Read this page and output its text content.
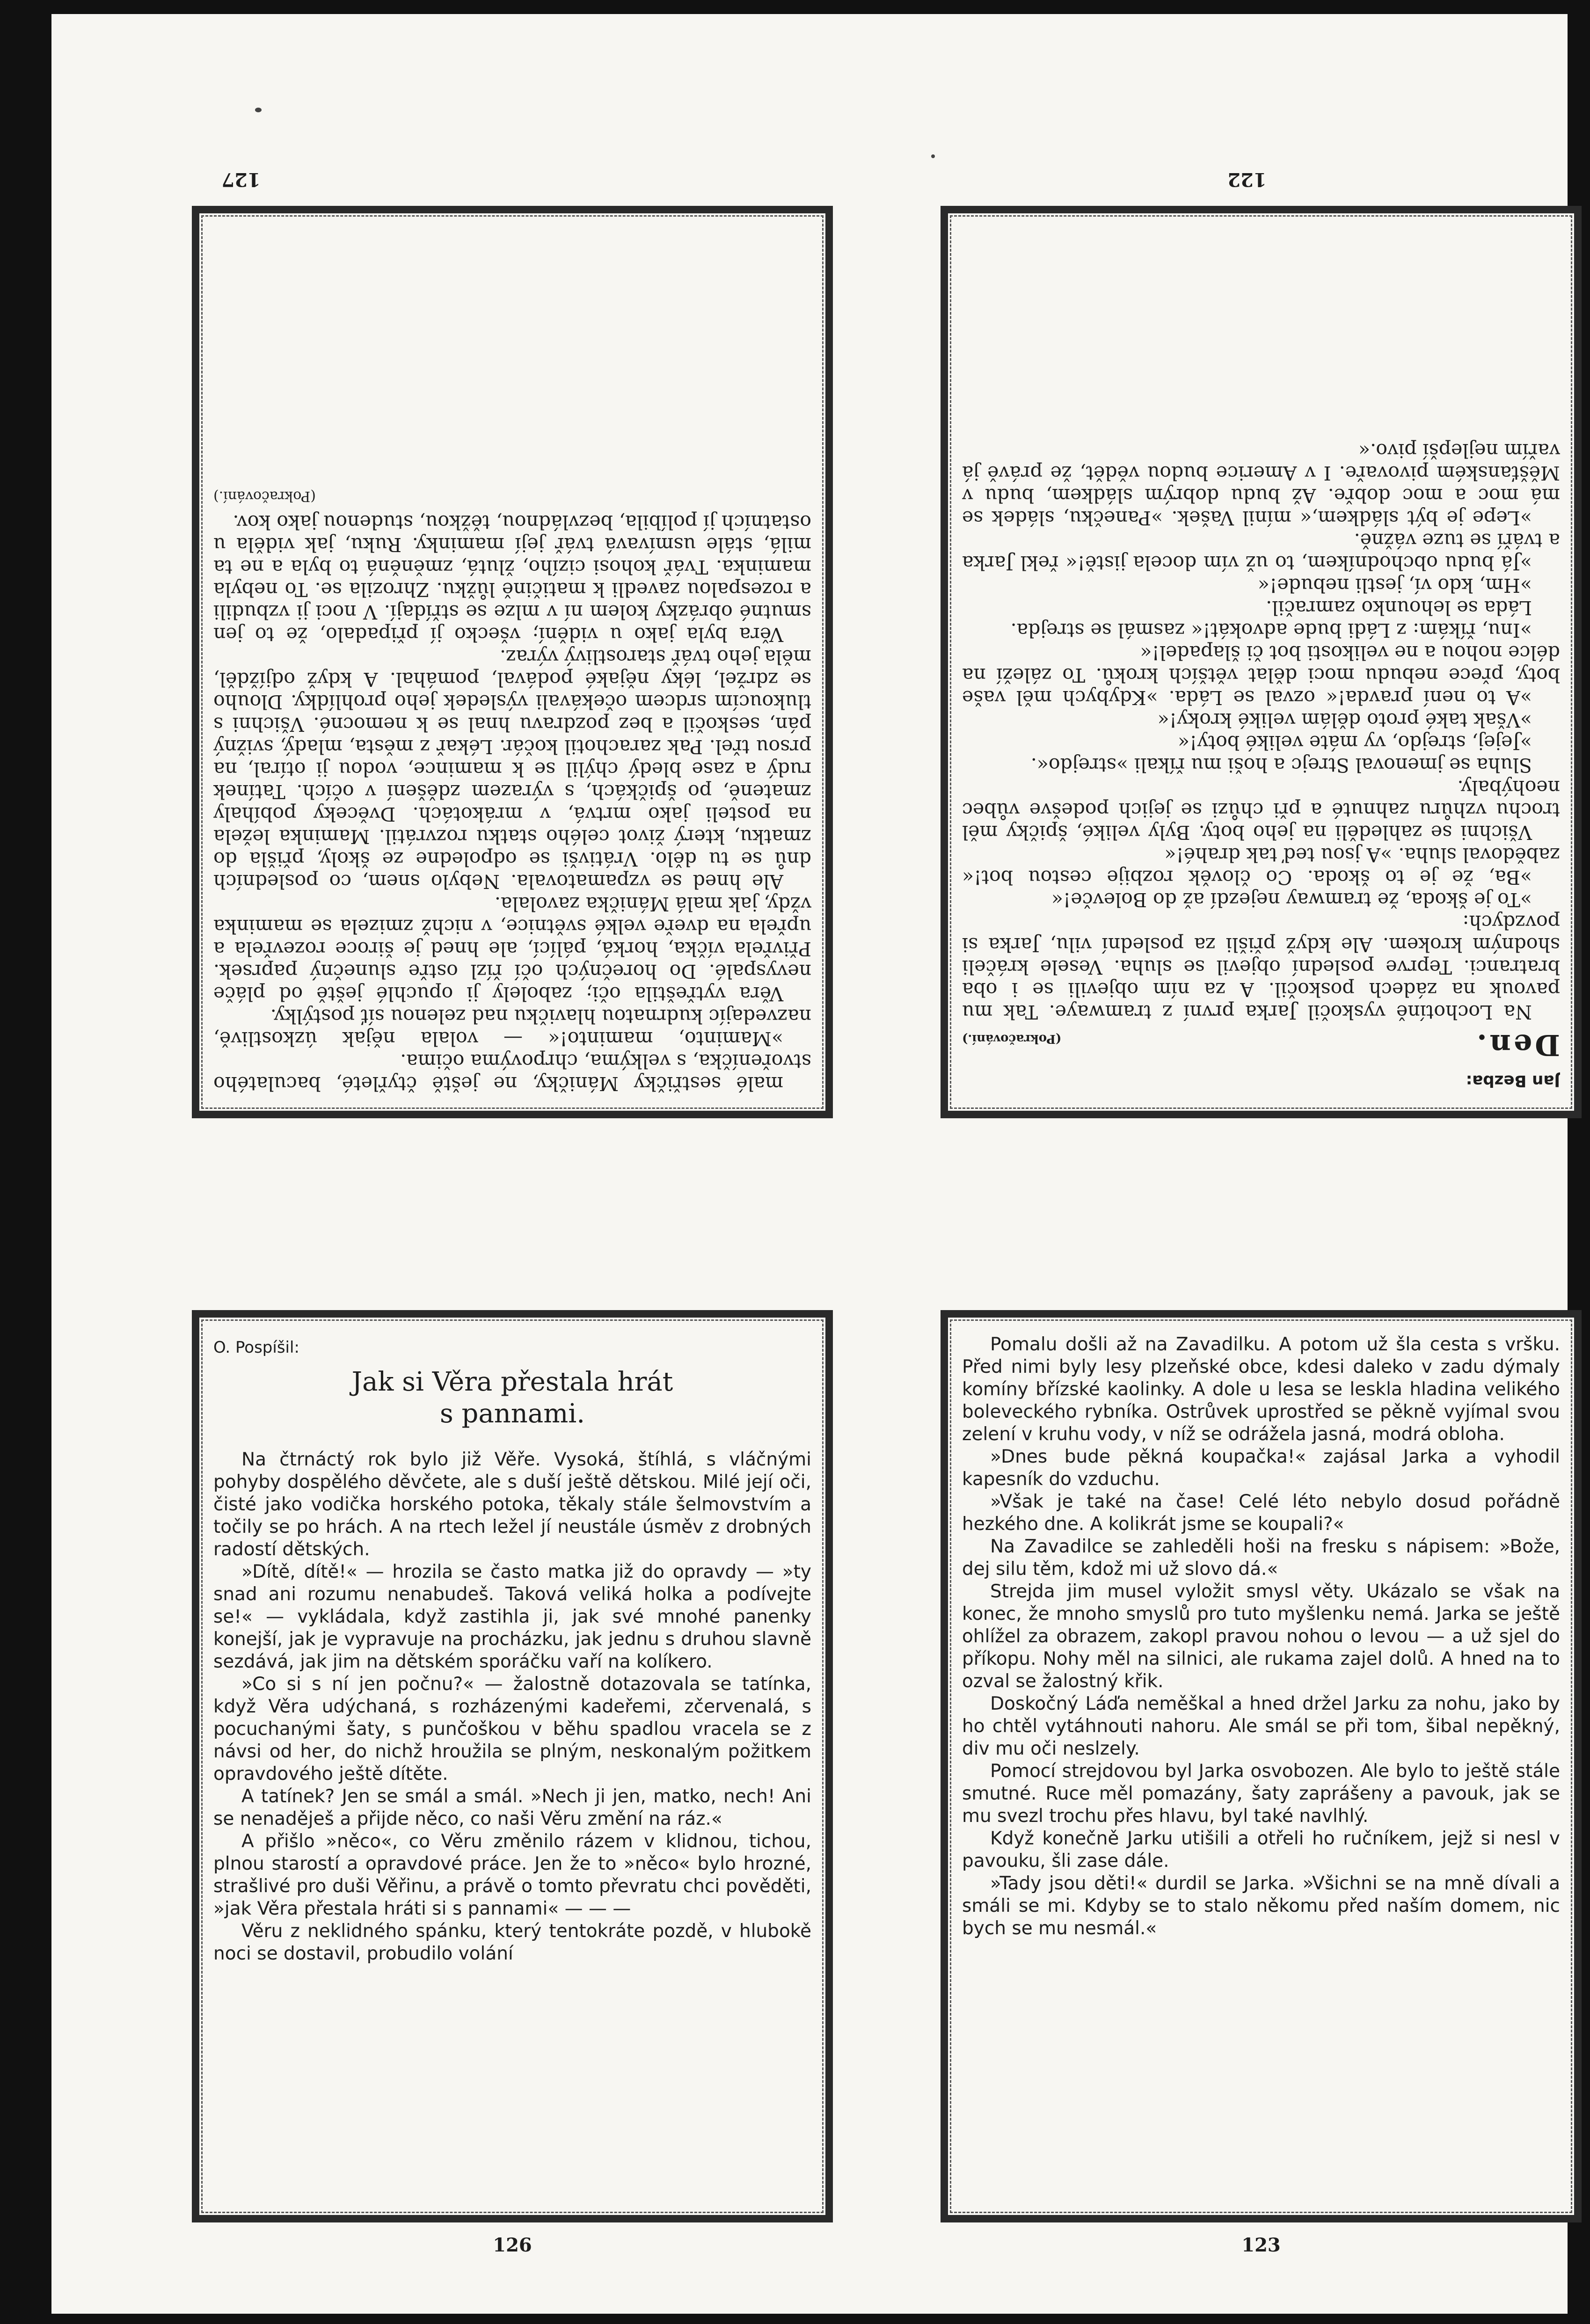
127

malé sestřičky Máničky, ne ještě čtyřleté, baculatého stvořeníčka, s velkýma, chrpovýma očima.

»Maminto, maminto!« — volala nějak úzkostlivě, nazvedajíc kudrnatou hlavičku nad zelenou síť postýlky.

Věra vytřeštila oči; zabolely ji opuchlé ještě od pláče nevyspalé. Do horečných očí řízl ostře slunečný paprsek. Přivřela víčka, horká, pálící, ale hned je široce rozevřela a upřela na dveře velké světnice, v nichž zmizela se maminka vždy, jak malá Mánička zavolala.

Ale hned se vzpamatovala. Nebylo snem, co posledních dnů se tu dělo. Vrátivši se odpoledne ze školy, přišla do zmatku, který život celého statku rozvrátil. Maminka ležela na posteli jako mrtvá, v mrákotách. Dvěceky pobíhaly zmateně, po špičkách, s výrazem zděšení v očích. Tatínek rudý a zase bledý chýlil se k mamince, vodou ji otíral, na prsou třel. Pak zarachotil kočár. Lékař z města, mladý, svižný pán, seskočil a bez pozdravu hnal se k nemocné. Všichni s tlukoucím srdcem očekávali výsledek jeho prohlídky. Dlouho se zdržel, léky nějaké podával, pomáhal. A když odjížděl, měla jeho tvář starostlivý výraz.

Věra byla jako u vidění; všecko jí připadalo, že to jen smutné obrázky kolem ní v mlze se střídají. V noci ji vzbudili a rozespalou zavedli k matičině lůžku. Zhrozila se. To nebyla maminka. Tvář kohosi cizího, žlutá, změněná to byla a ne ta milá, stále usmívavá tvář její maminky. Ruku, jak viděla u ostatních jí políbila, bezvládnou, těžkou, studenou jako kov.

(Pokračování.)
122
Jan Bezba:
Den.
(Pokračování.)

Na Lochotíně vyskočil Jarka první z tramwaye. Tak mu pavouk na zádech poskočil. A za ním objevili se i oba bratranci. Teprve poslední objevil se sluha. Vesele kráčeli shodným krokem. Ale když přišli za poslední vilu, Jarka si povzdych:

»To je škoda, že tramway nejezdí až do Bolevče!«

»Ba, že je to škoda. Co člověk rozbije cestou bot!« zabědoval sluha. »A jsou teď tak drahé!«

Všichni se zahleděli na jeho boty. Byly veliké, špičky měl trochu vzhůru zahnuté a při chůzi se jejich podešve vůbec neohýbaly.

Sluha se jmenoval Strejc a hoši mu říkali »strejdo«.

»Jejej, strejdo, vy máte veliké boty!«

»Však také proto dělám veliké kroky!«

»A to není pravda!« ozval se Láda. »Kdybych měl vaše boty, přece nebudu moci dělat větších kroků. To záleží na délce nohou a ne velikosti bot či šlapadel!«

»Inu, říkám: z Ládi bude advokát!« zasmál se strejda.

Láda se lehounko zamračil.

»Hm, kdo ví, jestli nebude!«

»Já budu obchodníkem, to už vím docela jistě!« řekl Jarka a tváří se tuze vážně.

»Lepe je být sládkem,« mínil Vašek. »Panečku, sládek se má moc a moc dobře. Až budu dobrým sládkem, budu v Měšťanském pivovaře. I v Americe budou vědět, že právě já vařím nejlepší pivo.«

O. Pospíšil:
Jak si Věra přestala hrát
s pannami.

Na čtrnáctý rok bylo již Věře. Vysoká, štíhlá, s vláčnými pohyby dospělého děvčete, ale s duší ještě dětskou. Milé její oči, čisté jako vodička horského potoka, těkaly stále šelmovstvím a točily se po hrách. A na rtech ležel jí neustále úsměv z drobných radostí dětských.

»Dítě, dítě!« — hrozila se často matka již do opravdy — »ty snad ani rozumu nenabudeš. Taková veliká holka a podívejte se!« — vykládala, když zastihla ji, jak své mnohé panenky konejší, jak je vypravuje na procházku, jak jednu s druhou slavně sezdává, jak jim na dětském sporáčku vaří na kolíkero.

»Co si s ní jen počnu?« — žalostně dotazovala se tatínka, když Věra udýchaná, s rozházenými kadeřemi, zčervenalá, s pocuchanými šaty, s punčoškou v běhu spadlou vracela se z návsi od her, do nichž hroužila se plným, neskonalým požitkem opravdového ještě dítěte.

A tatínek? Jen se smál a smál. »Nech ji jen, matko, nech! Ani se nenaděješ a přijde něco, co naši Věru změní na ráz.«

A přišlo »něco«, co Věru změnilo rázem v klidnou, tichou, plnou starostí a opravdové práce. Jen že to »něco« bylo hrozné, strašlivé pro duši Věřinu, a právě o tomto převratu chci pověděti, »jak Věra přestala hráti si s pannami« — — —

Věru z neklidného spánku, který tentokráte pozdě, v hlubokě noci se dostavil, probudilo volání

126

Pomalu došli až na Zavadilku. A potom už šla cesta s vršku. Před nimi byly lesy plzeňské obce, kdesi daleko v zadu dýmaly komíny břízské kaolinky. A dole u lesa se leskla hladina velikého boleveckého rybníka. Ostrůvek uprostřed se pěkně vyjímal svou zelení v kruhu vody, v níž se odrážela jasná, modrá obloha.

»Dnes bude pěkná koupačka!« zajásal Jarka a vyhodil kapesník do vzduchu.

»Však je také na čase! Celé léto nebylo dosud pořádně hezkého dne. A kolikrát jsme se koupali?«

Na Zavadilce se zahleděli hoši na fresku s nápisem: »Bože, dej silu těm, kdož mi už slovo dá.«

Strejda jim musel vyložit smysl věty. Ukázalo se však na konec, že mnoho smyslů pro tuto myšlenku nemá. Jarka se ještě ohlížel za obrazem, zakopl pravou nohou o levou — a už sjel do příkopu. Nohy měl na silnici, ale rukama zajel dolů. A hned na to ozval se žalostný křik.

Doskočný Láďa neměškal a hned držel Jarku za nohu, jako by ho chtěl vytáhnouti nahoru. Ale smál se při tom, šibal nepěkný, div mu oči neslzely.

Pomocí strejdovou byl Jarka osvobozen. Ale bylo to ještě stále smutné. Ruce měl pomazány, šaty zaprášeny a pavouk, jak se mu svezl trochu přes hlavu, byl také navlhlý.

Když konečně Jarku utišili a otřeli ho ručníkem, jejž si nesl v pavouku, šli zase dále.

»Tady jsou děti!« durdil se Jarka. »Všichni se na mně dívali a smáli se mi. Kdyby se to stalo někomu před naším domem, nic bych se mu nesmál.«

123
